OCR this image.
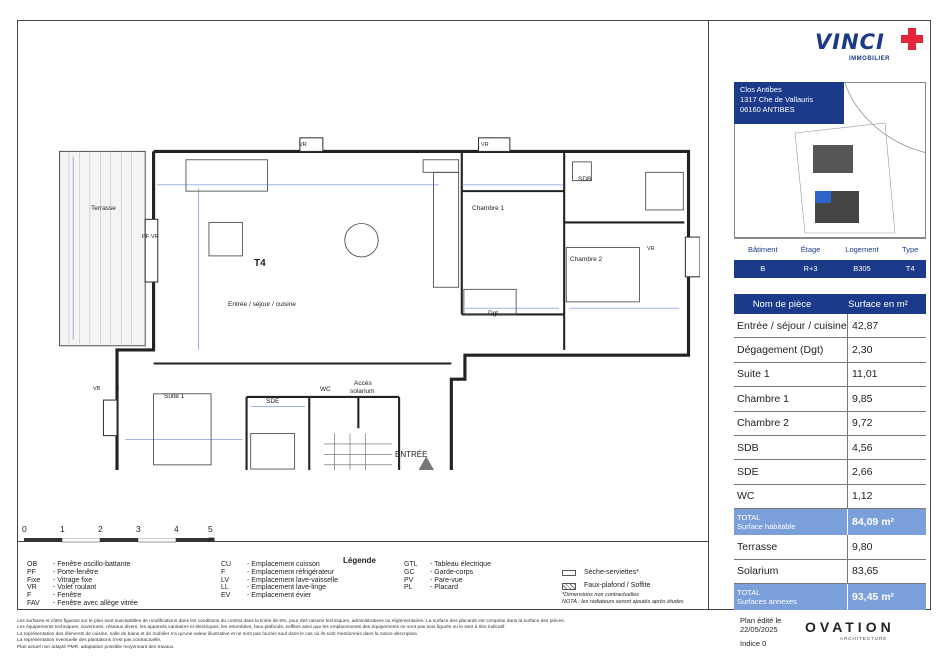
Terrasse
T4
Entrée / séjour / cuisine
Chambre 1
Chambre 2
SDB
Dgt
Suite 1
SDE
WC
Accès
solarium
VR	VR
VR
VR
PF
VB	F
ENTRÉE
0	1	2	3	4	5 m
Légende
OB - Fenêtre oscillo-battante
PF - Porte-fenêtre
Fixe - Vitrage fixe
VR - Volet roulant
F	- Fenêtre
FAV - Fenêtre avec allège vitrée
CU - Emplacement cuisson
F	- Emplacement réfrigérateur
LV	- Emplacement lave-vaisselle
LL	- Emplacement lave-linge
EV - Emplacement évier
GTL - Tableau électrique
GC - Garde-corps
PV - Pare-vue
PL - Placard
Sèche-serviettes*
Faux-plafond / Soffite
*Dimensions non contractuelles
NOTA : les radiateurs seront ajoutés après études
Les surfaces et côtes figurant sur le plan sont susceptibles de modifications dans les conditions du contrat dans la limite de 5%, pour des raisons techniques, administratives ou réglementaires. La surface des placards est comprise dans la surface des pièces.
Les équipements techniques, ouvertures, réseaux divers, les appareils sanitaires et électriques, les retombées, faux-plafonds, soffites ainsi que les emplacements des équipements ne sont pas tous figurés ou le sont à titre indicatif.
La représentation des éléments de cuisine, salle de bains et de mobilier n'a qu'une valeur illustrative et ne sont pas fournis sauf dans le cas où ils sont mentionnés dans la notice descriptive.
La représentation éventuelle des plantations n'est pas contractuelle.
Plan actuel non adapté PMR, adaptation possible moyennant des travaux.
VINCI
IMMOBILIER
Clos Antibes
1317 Che de Vallauris
06160 ANTIBES
Bâtiment	Étage	Logement	Type
B	R+3	B305	T4
Nom de pièce	Surface en m²
Entrée / séjour / cuisine 42,87
Dégagement (Dgt)	2,30
Suite 1	11,01
Chambre 1	9,85
Chambre 2	9,72
SDB	4,56
SDE	2,66
WC	1,12
TOTAL
Surface habitable	84,09 m²
Terrasse	9,80
Solarium	83,65
TOTAL
Surfaces annexes	93,45 m²
Plan édité le
22/05/2025
Indice 0
OVATION
ARCHITECTURE
